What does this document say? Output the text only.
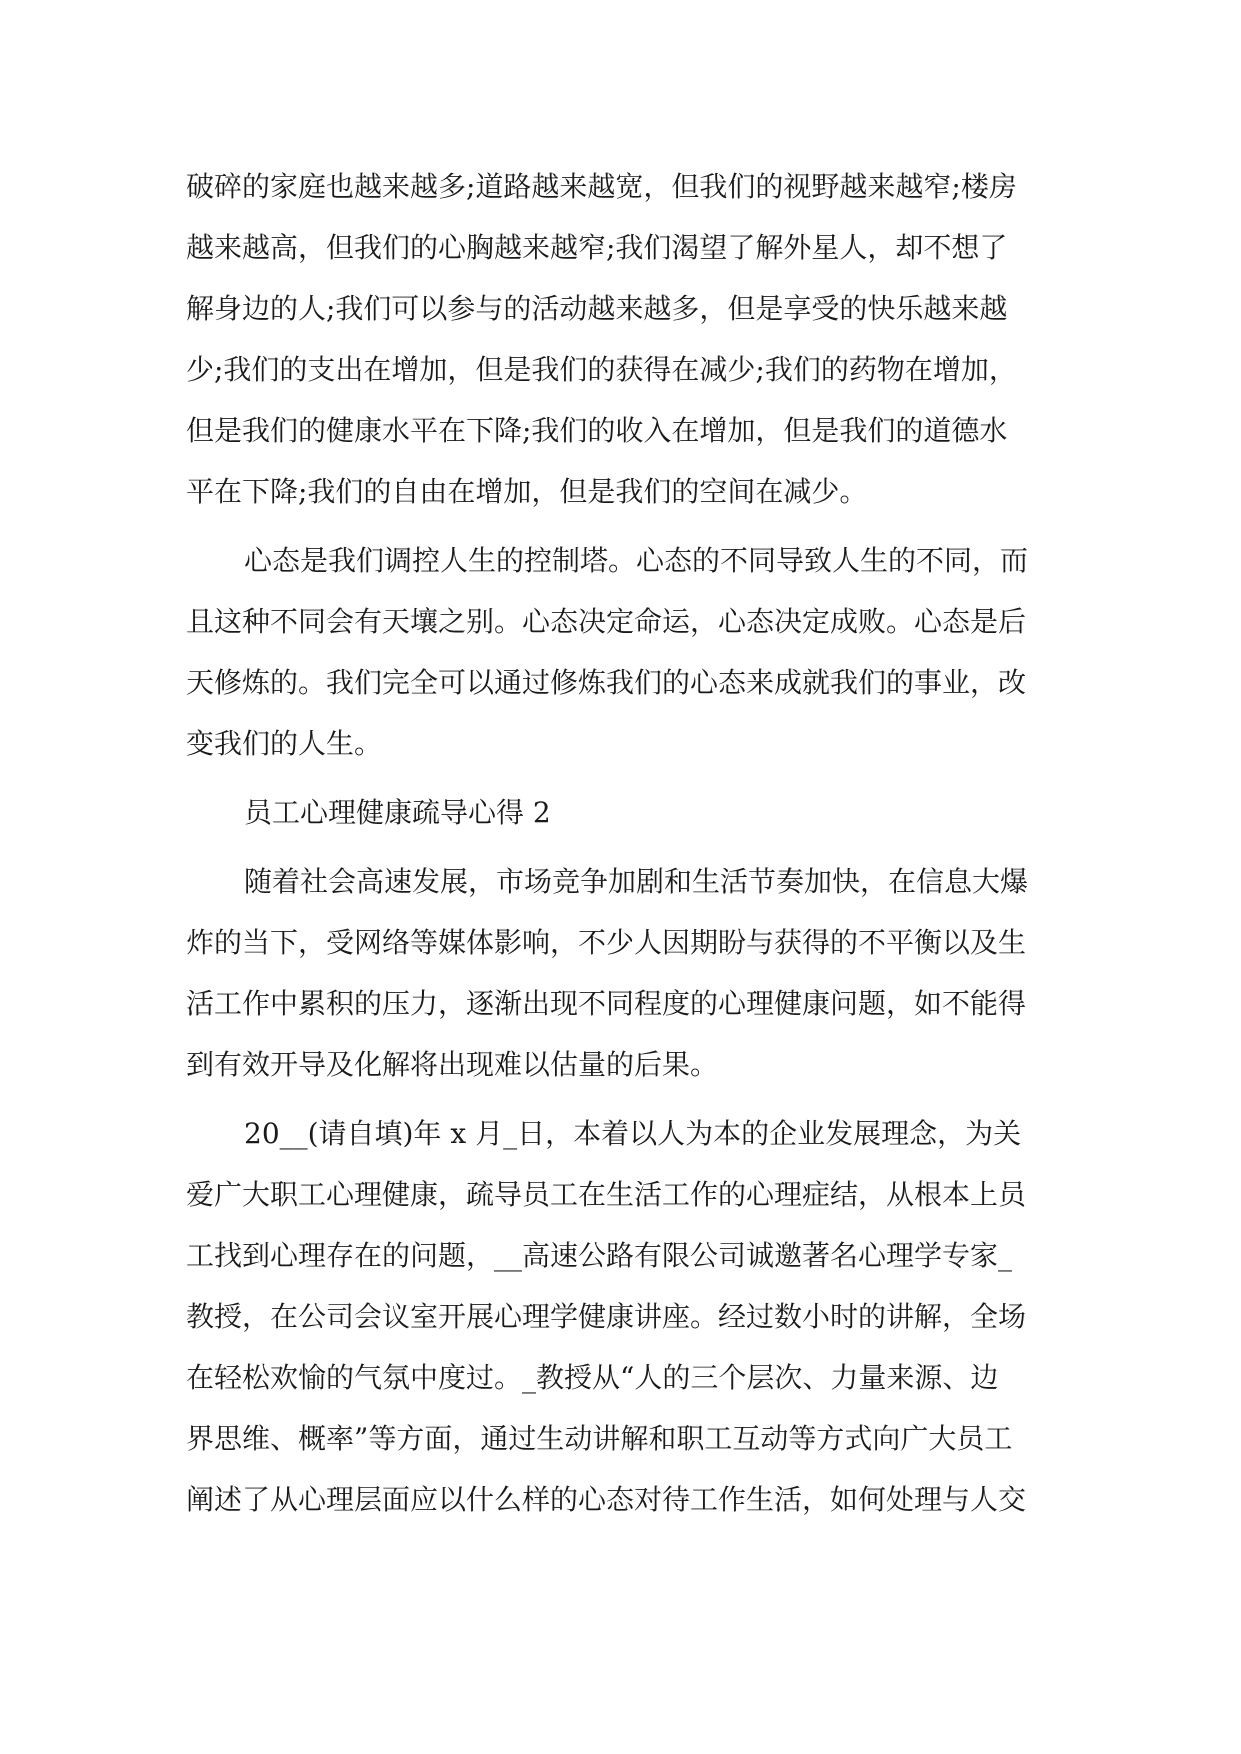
破碎的家庭也越来越多;道路越来越宽，但我们的视野越来越窄;楼房
越来越高，但我们的心胸越来越窄;我们渴望了解外星人，却不想了
解身边的人;我们可以参与的活动越来越多，但是享受的快乐越来越
少;我们的支出在增加，但是我们的获得在减少;我们的药物在增加，
但是我们的健康水平在下降;我们的收入在增加，但是我们的道德水
平在下降;我们的自由在增加，但是我们的空间在减少。
心态是我们调控人生的控制塔。心态的不同导致人生的不同，而
且这种不同会有天壤之别。心态决定命运，心态决定成败。心态是后
天修炼的。我们完全可以通过修炼我们的心态来成就我们的事业，改
变我们的人生。
员工心理健康疏导心得 2
随着社会高速发展，市场竞争加剧和生活节奏加快，在信息大爆
炸的当下，受网络等媒体影响，不少人因期盼与获得的不平衡以及生
活工作中累积的压力，逐渐出现不同程度的心理健康问题，如不能得
到有效开导及化解将出现难以估量的后果。
20__(请自填)年 x 月_日，本着以人为本的企业发展理念，为关
爱广大职工心理健康，疏导员工在生活工作的心理症结，从根本上员
工找到心理存在的问题，__高速公路有限公司诚邀著名心理学专家_
教授，在公司会议室开展心理学健康讲座。经过数小时的讲解，全场
在轻松欢愉的气氛中度过。_教授从“人的三个层次、力量来源、边
界思维、概率”等方面，通过生动讲解和职工互动等方式向广大员工
阐述了从心理层面应以什么样的心态对待工作生活，如何处理与人交
